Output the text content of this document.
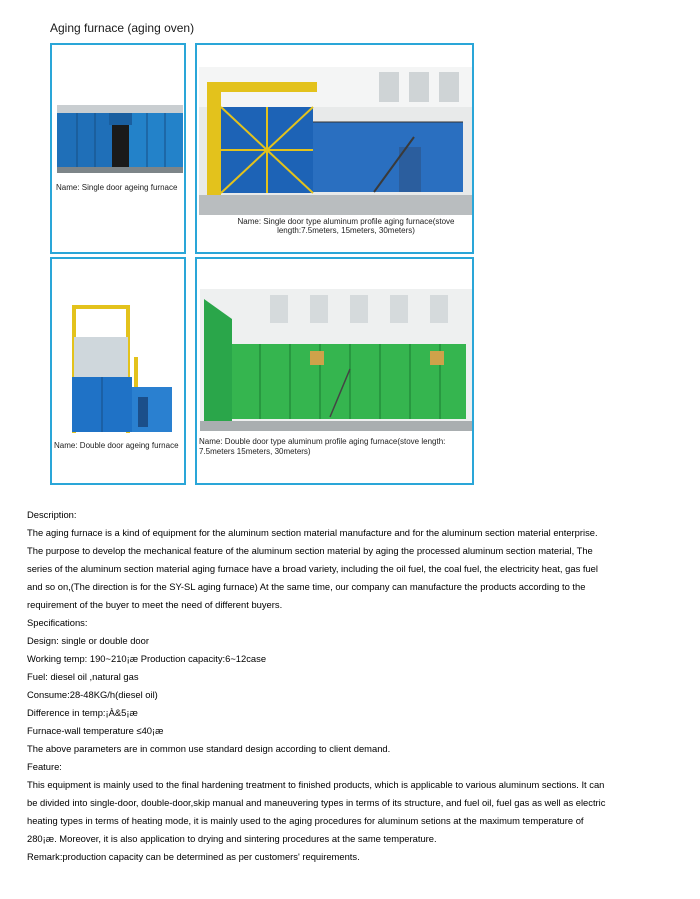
Aging furnace (aging oven)
Name: Single door ageing furnace
Name: Single door type aluminum profile aging furnace(stove
length:7.5meters, 15meters, 30meters)
Name: Double door ageing furnace	Name: Double door type aluminum profile aging furnace(stove length:
7.5meters 15meters, 30meters)

Description:

The aging furnace is a kind of equipment for the aluminum section material manufacture and for the aluminum section material enterprise.

The purpose to develop the mechanical feature of the aluminum section material by aging the processed aluminum section material, The

series of the aluminum section material aging furnace have a broad variety, including the oil fuel, the coal fuel, the electricity heat, gas fuel

and so on,(The direction is for the SY-SL aging furnace) At the same time, our company can manufacture the products according to the

requirement of the buyer to meet the need of different buyers.

Specifications:

Design: single or double door

Working temp: 190~210¡æ Production capacity:6~12case

Fuel: diesel oil ,natural gas

Consume:28-48KG/h(diesel oil)

Difference in temp:¡À&5¡æ

Furnace-wall temperature ≤40¡æ

The above parameters are in common use standard design according to client demand.

Feature:

This equipment is mainly used to the final hardening treatment to finished products, which is applicable to various aluminum sections. It can

be divided into single-door, double-door,skip manual and maneuvering types in terms of its structure, and fuel oil, fuel gas as well as electric

heating types in terms of heating mode, it is mainly used to the aging procedures for aluminum setions at the maximum temperature of

280¡æ. Moreover, it is also application to drying and sintering procedures at the same temperature.

Remark:production capacity can be determined as per customers' requirements.
